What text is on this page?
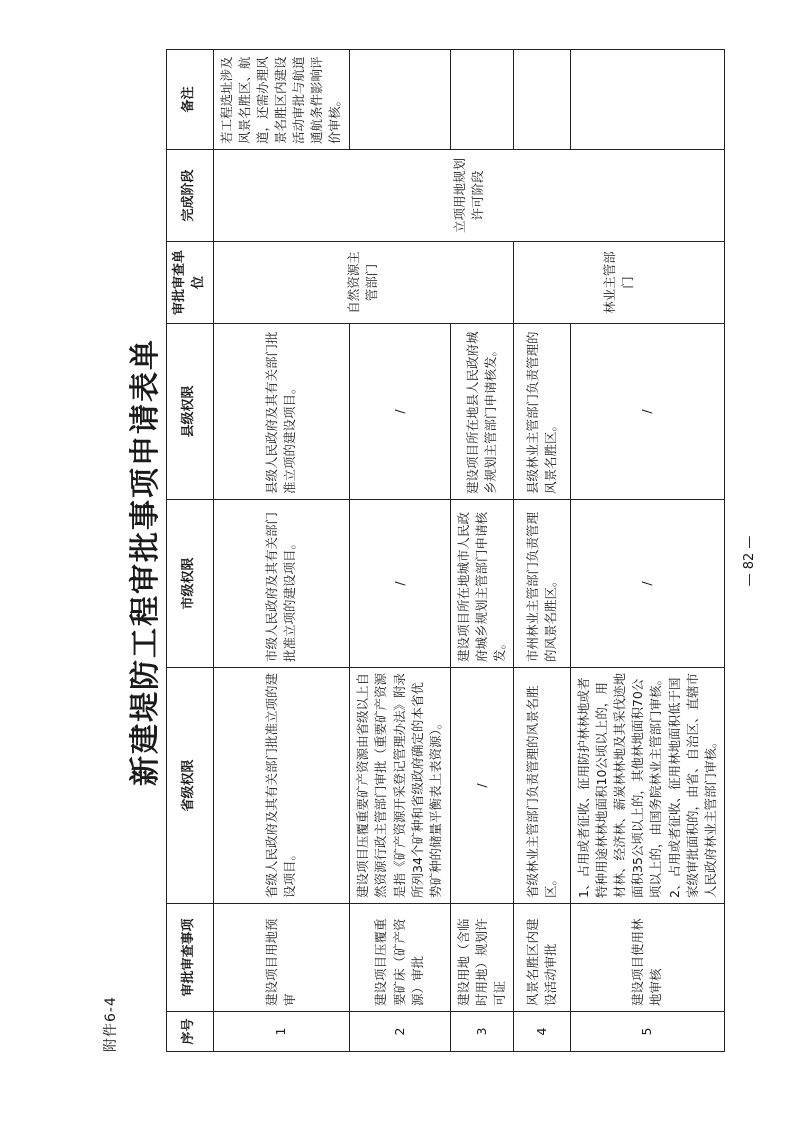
附件6-4
新建堤防工程审批事项申请表单
序号	审批审查事项	省级权限	市级权限	县级权限	审批审查单位	完成阶段	备注
1	建设项目用地预审	省级人民政府及其有关部门批准立项的建设项目。	市级人民政府及其有关部门批准立项的建设项目。	县级人民政府及其有关部门批准立项的建设项目。	自然资源主管部门	立项用地规划许可阶段	若工程选址涉及风景名胜区、航道，还需办理风景名胜区内建设活动审批与航道通航条件影响评价审核。
2	建设项目压覆重要矿床（矿产资源）审批	建设项目压覆重要矿产资源由省级以上自然资源行政主管部门审批（重要矿产资源是指《矿产资源开采登记管理办法》附录所列34个矿种和省级政府确定的本省优势矿种的储量平衡表上表资源）。	/	/			
3	建设用地（含临时用地）规划许可证	/	建设项目所在地城市人民政府城乡规划主管部门申请核发。	建设项目所在地县人民政府城乡规划主管部门申请核发。			
4	风景名胜区内建设活动审批	省级林业主管部门负责管理的风景名胜区。	市州林业主管部门负责管理的风景名胜区。	县级林业主管部门负责管理的风景名胜区。	林业主管部门		
5	建设项目使用林地审核	1、占用或者征收、征用防护林林地或者特种用途林林地面积10公顷以上的，用材林、经济林、薪炭林林地及其采伐迹地面积35公顷以上的，其他林地面积70公顷以上的，由国务院林业主管部门审核。 2、占用或者征收、征用林地面积低于国家级审批面积的，由省、自治区、直辖市人民政府林业主管部门审核。	/	/			
— 82 —
